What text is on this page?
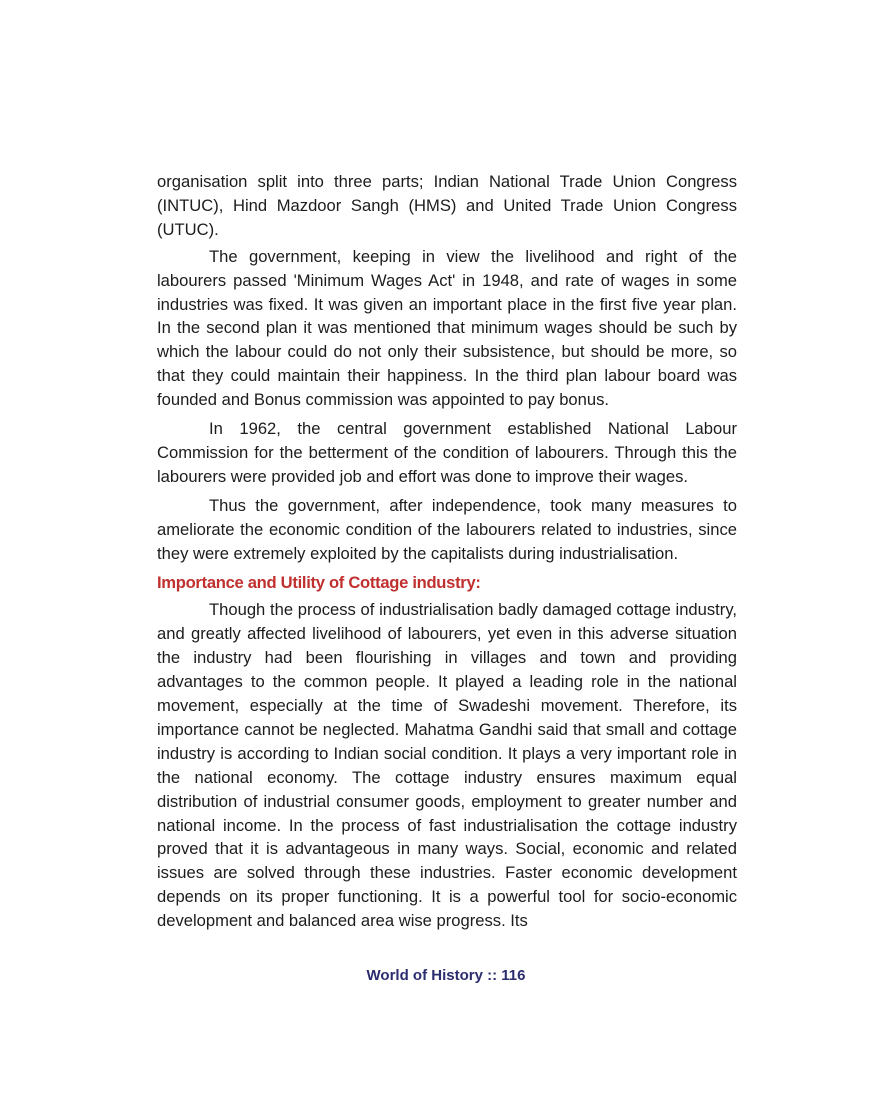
organisation split into three parts; Indian National Trade Union Congress (INTUC), Hind Mazdoor Sangh (HMS) and United Trade Union Congress (UTUC).

The government, keeping in view the livelihood and right of the labourers passed 'Minimum Wages Act' in 1948, and rate of wages in some industries was fixed. It was given an important place in the first five year plan. In the second plan it was mentioned that minimum wages should be such by which the labour could do not only their subsistence, but should be more, so that they could maintain their happiness. In the third plan labour board was founded and Bonus commission was appointed to pay bonus.

In 1962, the central government established National Labour Commission for the betterment of the condition of labourers. Through this the labourers were provided job and effort was done to improve their wages.

Thus the government, after independence, took many measures to ameliorate the economic condition of the labourers related to industries, since they were extremely exploited by the capitalists during industrialisation.

Importance and Utility of Cottage industry:

Though the process of industrialisation badly damaged cottage industry, and greatly affected livelihood of labourers, yet even in this adverse situation the industry had been flourishing in villages and town and providing advantages to the common people. It played a leading role in the national movement, especially at the time of Swadeshi movement. Therefore, its importance cannot be neglected. Mahatma Gandhi said that small and cottage industry is according to Indian social condition. It plays a very important role in the national economy. The cottage industry ensures maximum equal distribution of industrial consumer goods, employment to greater number and national income. In the process of fast industrialisation the cottage industry proved that it is advantageous in many ways. Social, economic and related issues are solved through these industries. Faster economic development depends on its proper functioning. It is a powerful tool for socio-economic development and balanced area wise progress. Its

World of History :: 116
